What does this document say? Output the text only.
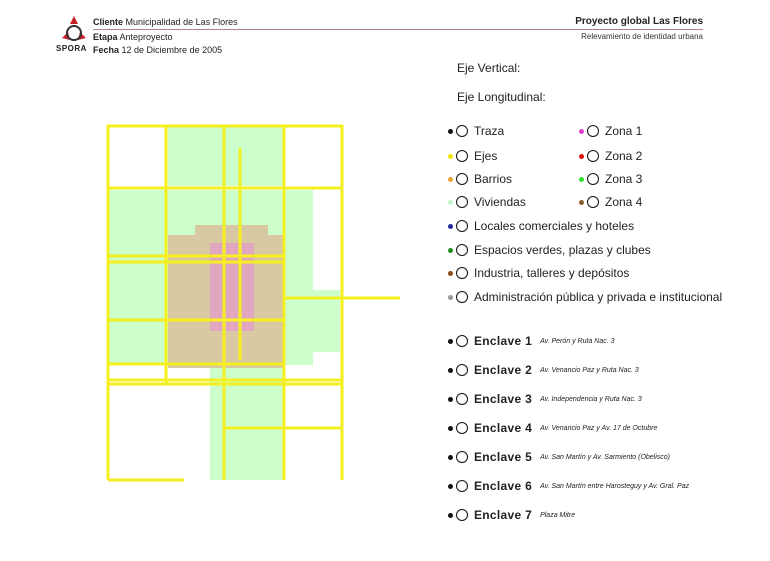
SPORA
Cliente Municipalidad de Las Flores
Etapa Anteproyecto
Fecha 12 de Diciembre de 2005
Proyecto global Las Flores
Relevamiento de identidad urbana
Eje Vertical:
Eje Longitudinal:
Traza
Ejes
Barrios
Viviendas
Locales comerciales y hoteles
Espacios verdes, plazas y clubes
Industria, talleres y depósitos
Administración pública y privada e institucional
Zona 1
Zona 2
Zona 3
Zona 4
Enclave 1 Av. Perón y Ruta Nac. 3
Enclave 2 Av. Venancio Paz y Ruta Nac. 3
Enclave 3 Av. Independencia y Ruta Nac. 3
Enclave 4 Av. Venancio Paz y Av. 17 de Octubre
Enclave 5 Av. San Martín y Av. Sarmiento (Obelisco)
Enclave 6 Av. San Martín entre Harosteguy y Av. Gral. Paz
Enclave 7 Plaza Mitre
